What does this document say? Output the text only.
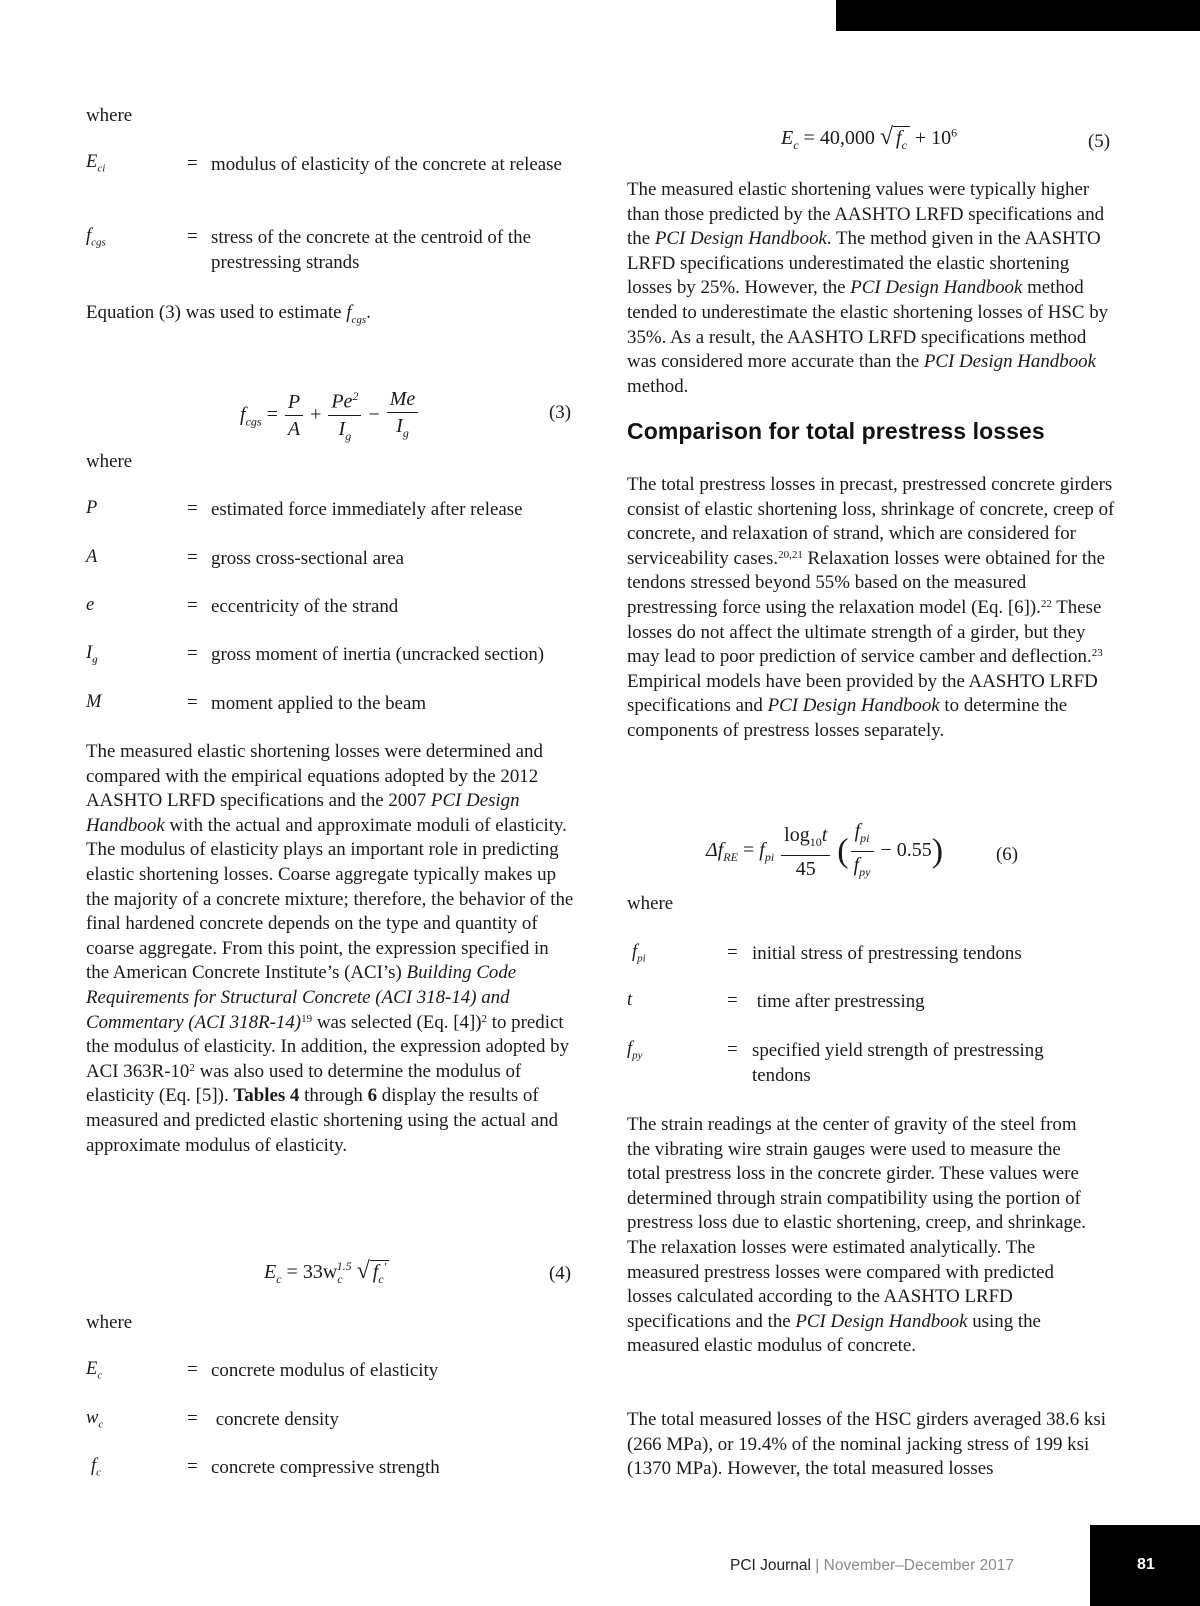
where

$E_{ci}$	= modulus of elasticity of the concrete at release
$f_{cgs}$	= stress of the concrete at the centroid of the prestressing strands

Equation (3) was used to estimate $f_{cgs}$.

$f_{cgs} = \frac{P}{A} + \frac{Pe^2}{I_g} - \frac{Me}{I_g}$	(3)

where

P	= estimated force immediately after release
A	= gross cross-sectional area
e	= eccentricity of the strand
$I_g$	= gross moment of inertia (uncracked section)
M	= moment applied to the beam

The measured elastic shortening losses were determined and compared with the empirical equations adopted by the 2012 AASHTO LRFD specifications and the 2007 PCI Design Handbook with the actual and approximate moduli of elasticity. The modulus of elasticity plays an important role in predicting elastic shortening losses. Coarse aggregate typically makes up the majority of a concrete mixture; therefore, the behavior of the final hardened concrete depends on the type and quantity of coarse aggregate. From this point, the expression specified in the American Concrete Institute’s (ACI’s) Building Code Requirements for Structural Concrete (ACI 318-14) and Commentary (ACI 318R-14)$^{19}$ was selected (Eq. [4])$^2$ to predict the modulus of elasticity. In addition, the expression adopted by ACI $363R-10^2$ was also used to determine the modulus of elasticity (Eq. [5]). Tables 4 through 6 display the results of measured and predicted elastic shortening using the actual and approximate modulus of elasticity.

$E_c = 33w_c^{1.5}$ √ $f_c'$	(4)

where

$E_c$	= concrete modulus of elasticity
$w_c$	= concrete density
$f_c$	= concrete compressive strength
$E_c = 40,000$ √ $f_c + 10^6$	(5)

The measured elastic shortening values were typically higher than those predicted by the AASHTO LRFD specifications and the PCI Design Handbook. The method given in the AASHTO LRFD specifications underestimated the elastic shortening losses by 25%. However, the PCI Design Handbook method tended to underestimate the elastic shortening losses of HSC by 35%. As a result, the AASHTO LRFD specifications method was considered more accurate than the PCI Design Handbook method.

Comparison for total prestress losses

The total prestress losses in precast, prestressed concrete girders consist of elastic shortening loss, shrinkage of concrete, creep of concrete, and relaxation of strand, which are considered for serviceability cases.$^{20,21}$ Relaxation losses were obtained for the tendons stressed beyond 55% based on the measured prestressing force using the relaxation model (Eq. [6]).$^{22}$ These losses do not affect the ultimate strength of a girder, but they may lead to poor prediction of service camber and deflection.$^{23}$ Empirical models have been provided by the AASHTO LRFD specifications and PCI Design Handbook to determine the components of prestress losses separately.

$\Delta f_{RE} = f_{pi} \frac{\log_{10}t}{45}$ ( $\frac{f_{pi}}{f_{py}} - 0.55$)	(6)

where

$f_{pi}$	= initial stress of prestressing tendons
t	= time after prestressing
$f_{py}$	= specified yield strength of prestressing tendons

The strain readings at the center of gravity of the steel from the vibrating wire strain gauges were used to measure the total prestress loss in the concrete girder. These values were determined through strain compatibility using the portion of prestress loss due to elastic shortening, creep, and shrinkage. The relaxation losses were estimated analytically. The measured prestress losses were compared with predicted losses calculated according to the AASHTO LRFD specifications and the PCI Design Handbook using the measured elastic modulus of concrete.

The total measured losses of the HSC girders averaged 38.6 ksi (266 MPa), or 19.4% of the nominal jacking stress of 199 ksi (1370 MPa). However, the total measured losses

PCI Journal | November–December 2017	81
